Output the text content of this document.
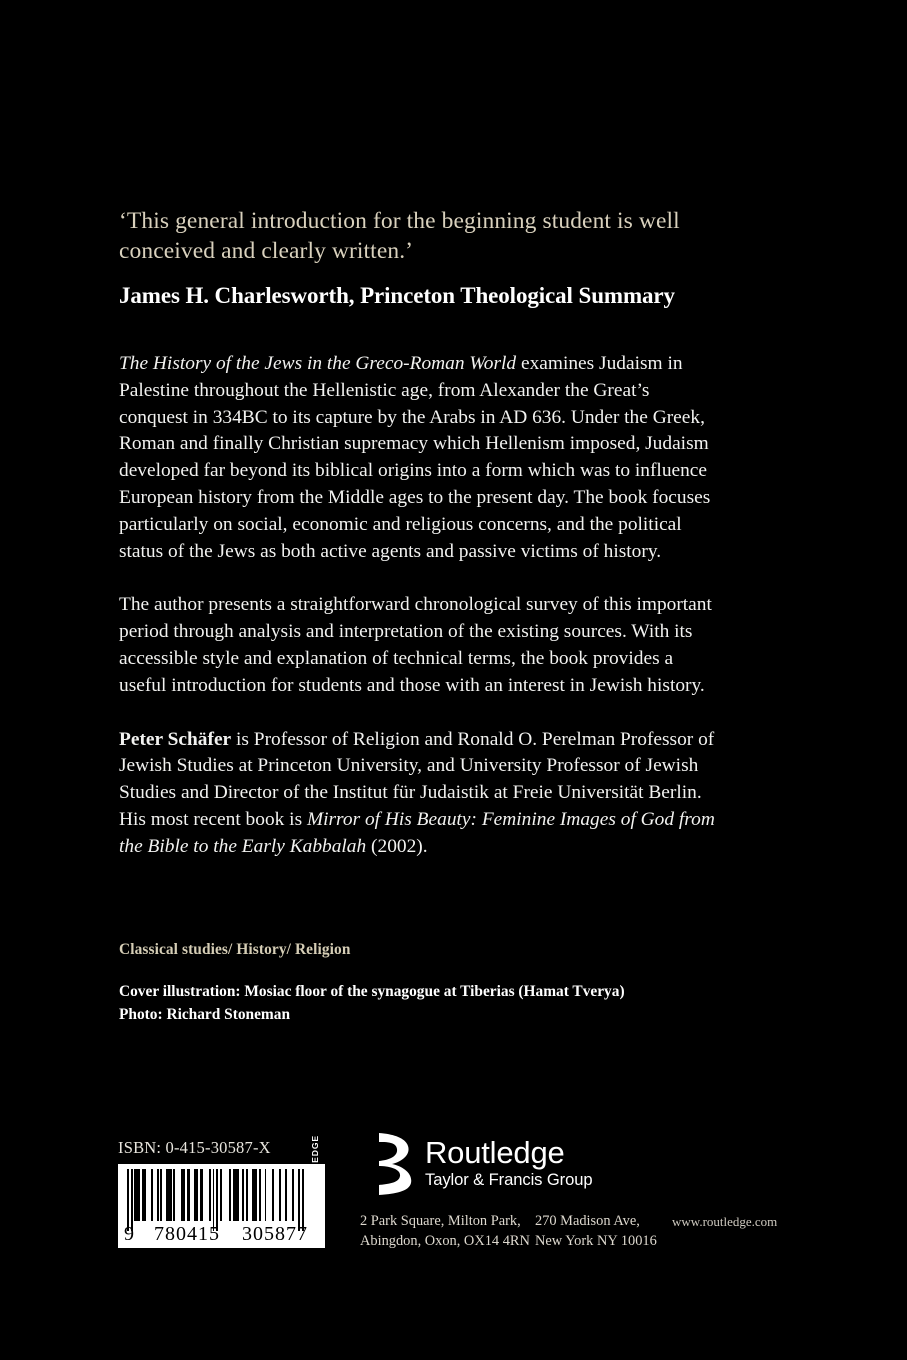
‘This general introduction for the beginning student is well conceived and clearly written.’

James H. Charlesworth, Princeton Theological Summary

The History of the Jews in the Greco-Roman World examines Judaism in Palestine throughout the Hellenistic age, from Alexander the Great’s conquest in 334BC to its capture by the Arabs in AD 636. Under the Greek, Roman and finally Christian supremacy which Hellenism imposed, Judaism developed far beyond its biblical origins into a form which was to influence European history from the Middle ages to the present day. The book focuses particularly on social, economic and religious concerns, and the political status of the Jews as both active agents and passive victims of history.

The author presents a straightforward chronological survey of this important period through analysis and interpretation of the existing sources. With its accessible style and explanation of technical terms, the book provides a useful introduction for students and those with an interest in Jewish history.

Peter Schäfer is Professor of Religion and Ronald O. Perelman Professor of Jewish Studies at Princeton University, and University Professor of Jewish Studies and Director of the Institut für Judaistik at Freie Universität Berlin. His most recent book is Mirror of His Beauty: Feminine Images of God from the Bible to the Early Kabbalah (2002).

Classical studies/ History/ Religion
Cover illustration: Mosiac floor of the synagogue at Tiberias (Hamat Tverya)
Photo: Richard Stoneman
ISBN: 0-415-30587-X
9 780415 305877
ROUTLEDGE	Routledge
Taylor & Francis Group
2 Park Square, Milton Park,
Abingdon, Oxon, OX14 4RN
270 Madison Ave,
New York NY 10016
www.routledge.com
